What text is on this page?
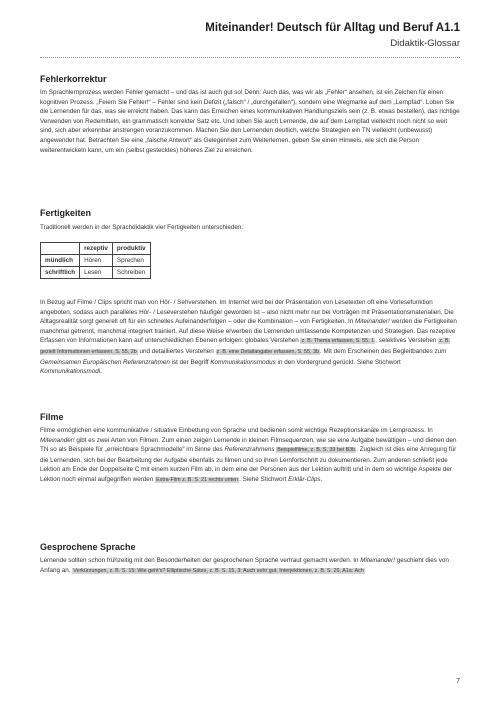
Miteinander! Deutsch für Alltag und Beruf A1.1
Didaktik-Glossar
Fehlerkorrektur

Im Sprachlernprozess werden Fehler gemacht – und das ist auch gut so! Denn: Auch das, was wir als „Fehler“ ansehen, ist ein Zeichen für einen kognitiven Prozess. „Feiern Sie Fehler!“ – Fehler sind kein Defizit („falsch“ / „durchgefallen“), sondern eine Wegmarke auf dem „Lernpfad“. Loben Sie die Lernenden für das, was sie erreicht haben. Das kann das Erreichen eines kommunikativen Handlungsziels sein (z. B. etwas bestellen), das richtige Verwenden von Redemitteln, ein grammatisch korrekter Satz etc. Und loben Sie auch Lernende, die auf dem Lernpfad vielleicht noch nicht so weit sind, sich aber erkennbar anstrengen voranzukommen. Machen Sie den Lernenden deutlich, welche Strategien ein TN vielleicht (unbewusst) angewendet hat. Betrachten Sie eine „falsche Antwort“ als Gelegenheit zum Weiterlernen, geben Sie einen Hinweis, wie sich die Person weiterentwickeln kann, um ein (selbst gestecktes) höheres Ziel zu erreichen.

Fertigkeiten

Traditionell werden in der Sprachdidaktik vier Fertigkeiten unterschieden:

	rezeptiv	produktiv
mündlich	Hören	Sprechen
schriftlich	Lesen	Schreiben

In Bezug auf Filme / Clips spricht man von Hör- / Sehverstehen. Im Internet wird bei der Präsentation von Lesetexten oft eine Vorlesefunktion angeboten, sodass auch paralleles Hör- / Leseverstehen häufiger geworden ist – also nicht mehr nur bei Vorträgen mit Präsentationsmaterialien. Die Alltagsrealität sorgt generell oft für ein schnelles Aufeinanderfolgen – oder die Kombination – von Fertigkeiten. In Miteinander! werden die Fertigkeiten manchmal getrennt, manchmal integriert trainiert. Auf diese Weise erwerben die Lernenden umfassende Kompetenzen und Strategien. Das rezeptive Erfassen von Informationen kann auf unterschiedlichen Ebenen erfolgen: globales Verstehen z. B. Thema erfassen, S. 55, 1, selektives Verstehen z. B. gezielt Informationen erfassen, S. 55, 2b und detailliertes Verstehen z. B. eine Detailangabe erfassen, S. 55, 3b. Mit dem Erscheinen des Begleitbandes zum Gemeinsamen Europäischen Referenzrahmen ist der Begriff Kommunikationsmodus in den Vordergrund gerückt. Siehe Stichwort Kommunikationsmodi.

Filme

Filme ermöglichen eine kommunikative / situative Einbettung von Sprache und bedienen somit wichtige Rezeptionskanäle im Lernprozess. In Miteinander! gibt es zwei Arten von Filmen. Zum einen zeigen Lernende in kleinen Filmsequenzen, wie sie eine Aufgabe bewältigen – und dienen den TN so als Beispiele für „erreichbare Sprachmodelle“ im Sinne des Referenzrahmens Beispielfilme, z. B. S. 39 bei B3b. Zugleich ist dies eine Anregung für die Lernenden, sich bei der Bearbeitung der Aufgabe ebenfalls zu filmen und so ihren Lernfortschritt zu dokumentieren. Zum anderen schließt jede Lektion am Ende der Doppelseite C mit einem kurzen Film ab, in dem eine der Personen aus der Lektion auftritt und in dem so wichtige Aspekte der Lektion noch einmal aufgegriffen werden Extra-Film z. B. S. 21 rechts unten. Siehe Stichwort Erklär-Clips.

Gesprochene Sprache

Lernende sollten schon frühzeitig mit den Besonderheiten der gesprochenen Sprache vertraut gemacht werden. In Miteinander! geschieht dies von Anfang an. Verkürzungen, z. B. S. 15: Wie geht’s? Elliptische Sätze, z. B. S. 15, 3: Auch sehr gut. Interjektionen, z. B. S. 26, A1a: Ach

7
